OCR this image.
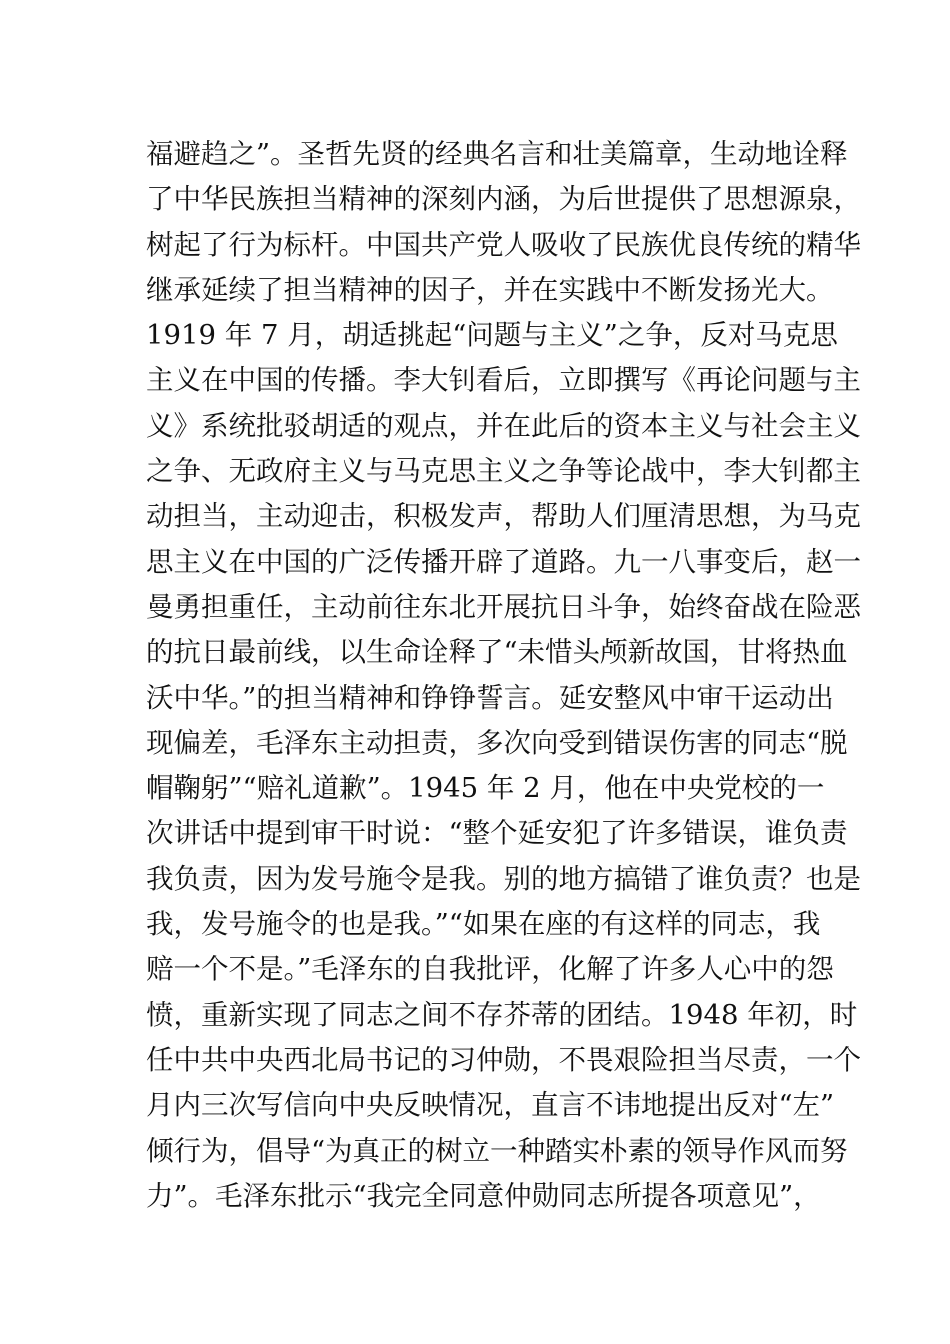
福避趋之”。圣哲先贤的经典名言和壮美篇章，生动地诠释
了中华民族担当精神的深刻内涵，为后世提供了思想源泉，
树起了行为标杆。中国共产党人吸收了民族优良传统的精华
继承延续了担当精神的因子，并在实践中不断发扬光大。
1919 年 7 月，胡适挑起“问题与主义”之争，反对马克思
主义在中国的传播。李大钊看后，立即撰写《再论问题与主
义》系统批驳胡适的观点，并在此后的资本主义与社会主义
之争、无政府主义与马克思主义之争等论战中，李大钊都主
动担当，主动迎击，积极发声，帮助人们厘清思想，为马克
思主义在中国的广泛传播开辟了道路。九一八事变后，赵一
曼勇担重任，主动前往东北开展抗日斗争，始终奋战在险恶
的抗日最前线，以生命诠释了“未惜头颅新故国，甘将热血
沃中华。”的担当精神和铮铮誓言。延安整风中审干运动出
现偏差，毛泽东主动担责，多次向受到错误伤害的同志“脱
帽鞠躬”“赔礼道歉”。1945 年 2 月，他在中央党校的一
次讲话中提到审干时说：“整个延安犯了许多错误，谁负责
我负责，因为发号施令是我。别的地方搞错了谁负责？也是
我，发号施令的也是我。”“如果在座的有这样的同志，我
赔一个不是。”毛泽东的自我批评，化解了许多人心中的怨
愤，重新实现了同志之间不存芥蒂的团结。1948 年初，时
任中共中央西北局书记的习仲勋，不畏艰险担当尽责，一个
月内三次写信向中央反映情况，直言不讳地提出反对“左”
倾行为，倡导“为真正的树立一种踏实朴素的领导作风而努
力”。毛泽东批示“我完全同意仲勋同志所提各项意见”，
